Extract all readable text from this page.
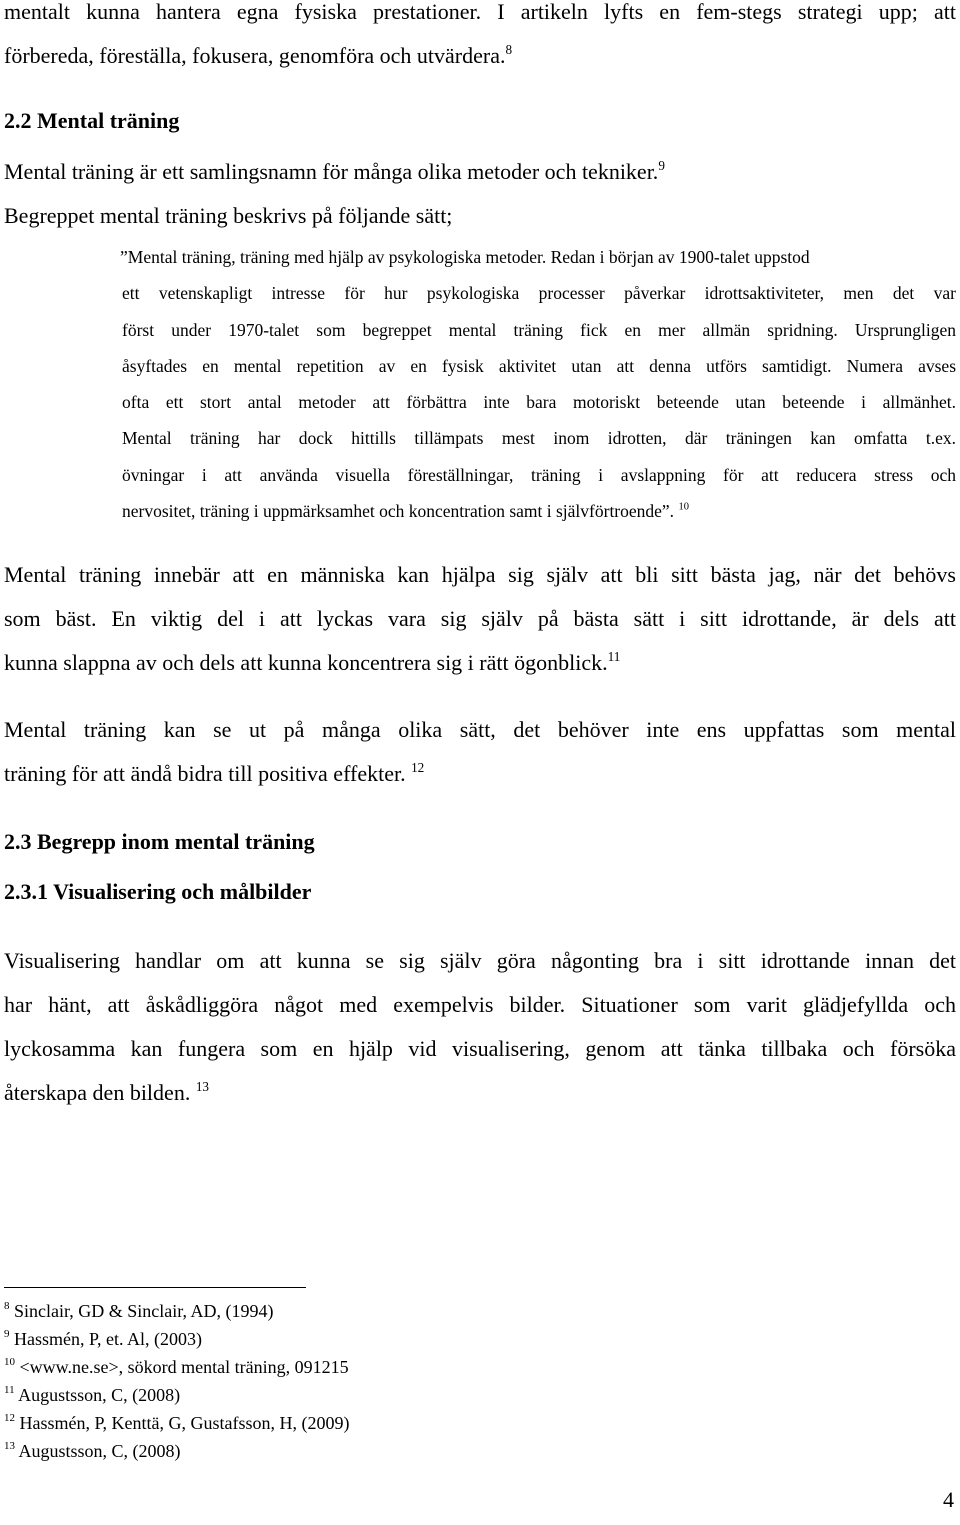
mentalt kunna hantera egna fysiska prestationer. I artikeln lyfts en fem-stegs strategi upp; att
förbereda, föreställa, fokusera, genomföra och utvärdera.$^8$
2.2 Mental träning
Mental träning är ett samlingsnamn för många olika metoder och tekniker.$^9$
Begreppet mental träning beskrivs på följande sätt;
”Mental träning, träning med hjälp av psykologiska metoder. Redan i början av 1900-talet uppstod
ett vetenskapligt intresse för hur psykologiska processer påverkar idrottsaktiviteter, men det var
först under 1970-talet som begreppet mental träning fick en mer allmän spridning. Ursprungligen
åsyftades en mental repetition av en fysisk aktivitet utan att denna utförs samtidigt. Numera avses
ofta ett stort antal metoder att förbättra inte bara motoriskt beteende utan beteende i allmänhet.
Mental träning har dock hittills tillämpats mest inom idrotten, där träningen kan omfatta t.ex.
övningar i att använda visuella föreställningar, träning i avslappning för att reducera stress och
nervositet, träning i uppmärksamhet och koncentration samt i självförtroende”. $^{10}$
Mental träning innebär att en människa kan hjälpa sig själv att bli sitt bästa jag, när det behövs
som bäst. En viktig del i att lyckas vara sig själv på bästa sätt i sitt idrottande, är dels att
kunna slappna av och dels att kunna koncentrera sig i rätt ögonblick.$^{11}$
Mental träning kan se ut på många olika sätt, det behöver inte ens uppfattas som mental
träning för att ändå bidra till positiva effekter. $^{12}$
2.3 Begrepp inom mental träning
2.3.1 Visualisering och målbilder
Visualisering handlar om att kunna se sig själv göra någonting bra i sitt idrottande innan det
har hänt, att åskådliggöra något med exempelvis bilder. Situationer som varit glädjefyllda och
lyckosamma kan fungera som en hjälp vid visualisering, genom att tänka tillbaka och försöka
återskapa den bilden. $^{13}$
$^8$ Sinclair, GD & Sinclair, AD, (1994)
$^9$ Hassmén, P, et. Al, (2003)
$^{10}$ <www.ne.se>, sökord mental träning, 091215
$^{11}$ Augustsson, C, (2008)
$^{12}$ Hassmén, P, Kenttä, G, Gustafsson, H, (2009)
$^{13}$ Augustsson, C, (2008)
4
